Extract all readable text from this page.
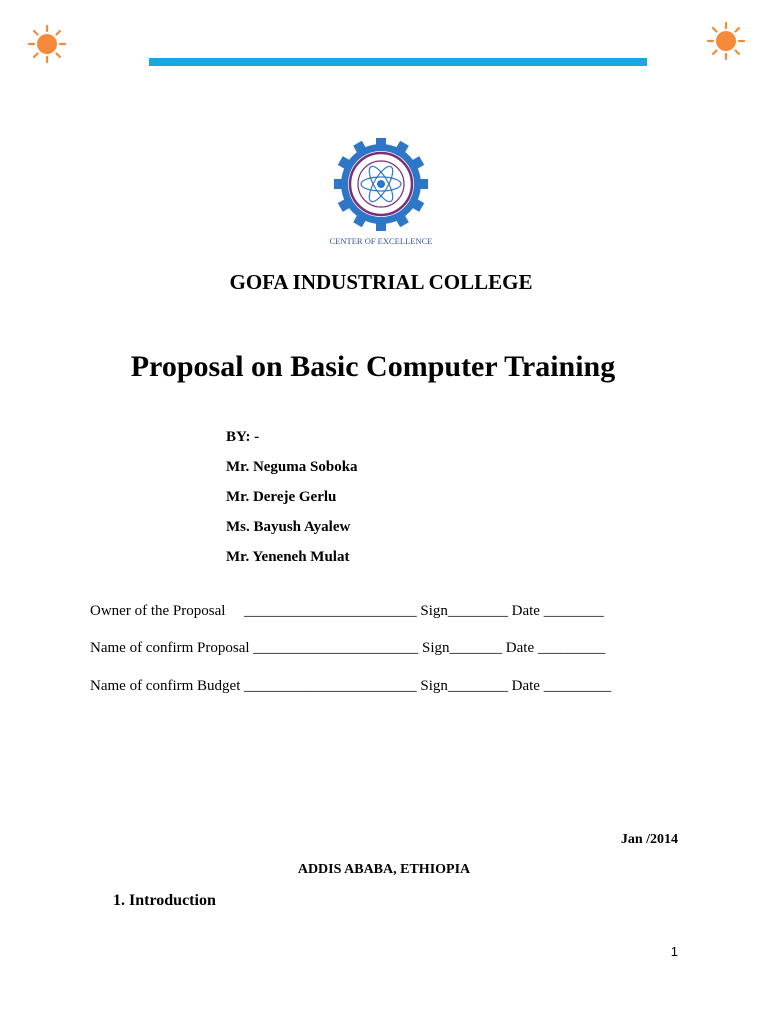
CENTER OF EXCELLENCE
GOFA INDUSTRIAL COLLEGE
Proposal on Basic Computer Training
BY: -
Mr. Neguma Soboka
Mr. Dereje Gerlu
Ms. Bayush Ayalew
Mr. Yeneneh Mulat
Owner of the Proposal     _______________________ Sign________ Date ________
Name of confirm Proposal ______________________ Sign_______ Date _________
Name of confirm Budget _______________________ Sign________ Date _________
Jan /2014
ADDIS ABABA, ETHIOPIA
1. Introduction
1
